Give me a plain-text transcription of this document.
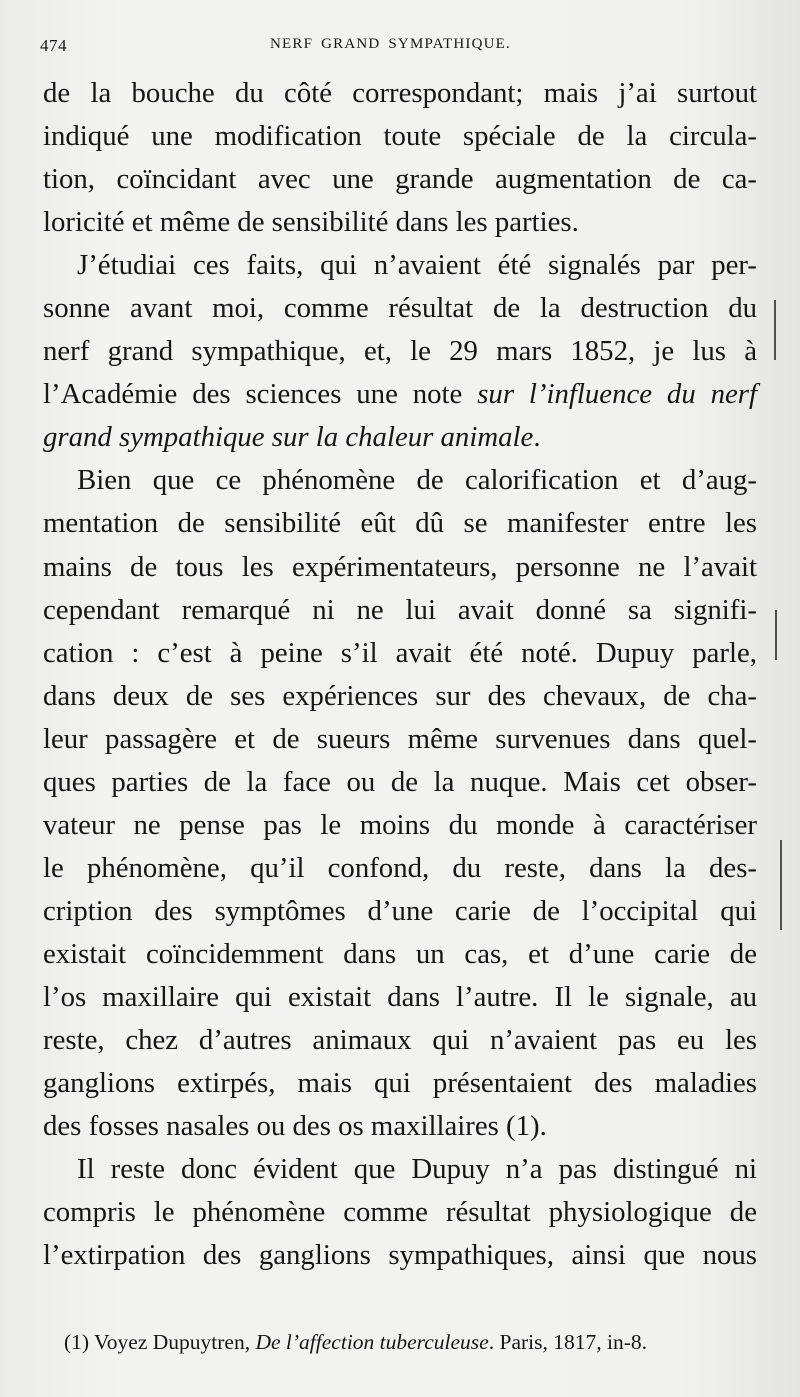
474	NERF GRAND SYMPATHIQUE.
de la bouche du côté correspondant; mais j’ai surtout
indiqué une modification toute spéciale de la circula-
tion, coïncidant avec une grande augmentation de ca-
loricité et même de sensibilité dans les parties.
J’étudiai ces faits, qui n’avaient été signalés par per-
sonne avant moi, comme résultat de la destruction du
nerf grand sympathique, et, le 29 mars 1852, je lus à
l’Académie des sciences une note sur l’influence du nerf
grand sympathique sur la chaleur animale.
Bien que ce phénomène de calorification et d’aug-
mentation de sensibilité eût dû se manifester entre les
mains de tous les expérimentateurs, personne ne l’avait
cependant remarqué ni ne lui avait donné sa signifi-
cation : c’est à peine s’il avait été noté. Dupuy parle,
dans deux de ses expériences sur des chevaux, de cha-
leur passagère et de sueurs même survenues dans quel-
ques parties de la face ou de la nuque. Mais cet obser-
vateur ne pense pas le moins du monde à caractériser
le phénomène, qu’il confond, du reste, dans la des-
cription des symptômes d’une carie de l’occipital qui
existait coïncidemment dans un cas, et d’une carie de
l’os maxillaire qui existait dans l’autre. Il le signale, au
reste, chez d’autres animaux qui n’avaient pas eu les
ganglions extirpés, mais qui présentaient des maladies
des fosses nasales ou des os maxillaires (1).
Il reste donc évident que Dupuy n’a pas distingué ni
compris le phénomène comme résultat physiologique de
l’extirpation des ganglions sympathiques, ainsi que nous
(1) Voyez Dupuytren, De l’affection tuberculeuse. Paris, 1817, in-8.
